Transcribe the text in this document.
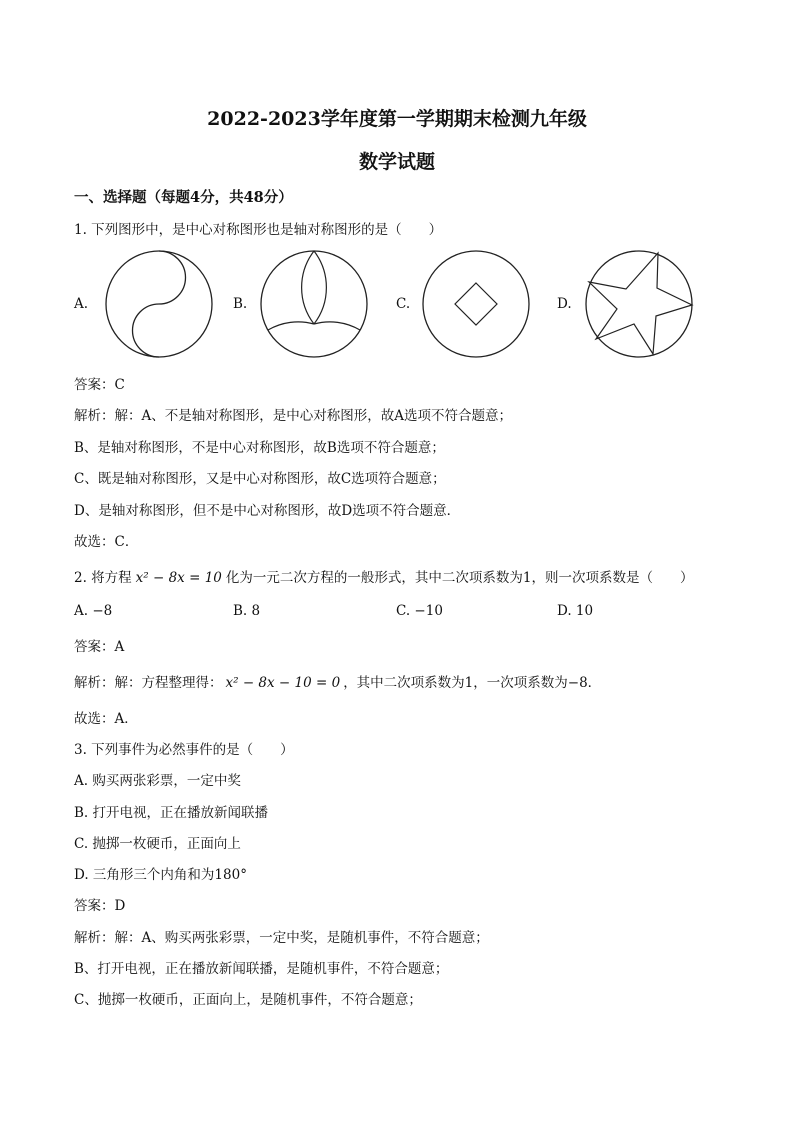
2022-2023学年度第一学期期末检测九年级
数学试题
一、选择题（每题4分，共48分）
1. 下列图形中，是中心对称图形也是轴对称图形的是（　　）
A.	B.	C.	D.
答案：C
解析：解：A、不是轴对称图形，是中心对称图形，故A选项不符合题意；
B、是轴对称图形，不是中心对称图形，故B选项不符合题意；
C、既是轴对称图形，又是中心对称图形，故C选项符合题意；
D、是轴对称图形，但不是中心对称图形，故D选项不符合题意．
故选：C．
2. 将方程 x² − 8x = 10 化为一元二次方程的一般形式，其中二次项系数为1，则一次项系数是（　　）
A. −8	B. 8	C. −10	D. 10
答案：A
解析：解：方程整理得： x² − 8x − 10 = 0 ，其中二次项系数为1，一次项系数为−8．
故选：A．
3. 下列事件为必然事件的是（　　）
A. 购买两张彩票，一定中奖
B. 打开电视，正在播放新闻联播
C. 抛掷一枚硬币，正面向上
D. 三角形三个内角和为180°
答案：D
解析：解：A、购买两张彩票，一定中奖，是随机事件，不符合题意；
B、打开电视，正在播放新闻联播，是随机事件，不符合题意；
C、抛掷一枚硬币，正面向上，是随机事件，不符合题意；
